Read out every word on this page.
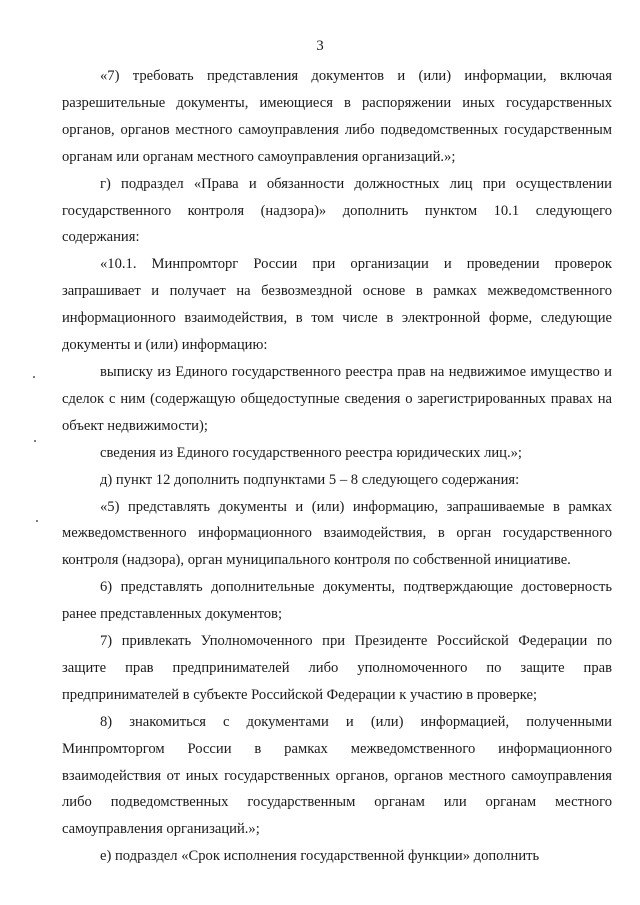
3

«7) требовать представления документов и (или) информации, включая разрешительные документы, имеющиеся в распоряжении иных государственных органов, органов местного самоуправления либо подведомственных государственным органам или органам местного самоуправления организаций.»;

г) подраздел «Права и обязанности должностных лиц при осуществлении государственного контроля (надзора)» дополнить пунктом 10.1 следующего содержания:

«10.1. Минпромторг России при организации и проведении проверок запрашивает и получает на безвозмездной основе в рамках межведомственного информационного взаимодействия, в том числе в электронной форме, следующие документы и (или) информацию:

выписку из Единого государственного реестра прав на недвижимое имущество и сделок с ним (содержащую общедоступные сведения о зарегистрированных правах на объект недвижимости);

сведения из Единого государственного реестра юридических лиц.»;

д) пункт 12 дополнить подпунктами 5 – 8 следующего содержания:

«5) представлять документы и (или) информацию, запрашиваемые в рамках межведомственного информационного взаимодействия, в орган государственного контроля (надзора), орган муниципального контроля по собственной инициативе.

6) представлять дополнительные документы, подтверждающие достоверность ранее представленных документов;

7) привлекать Уполномоченного при Президенте Российской Федерации по защите прав предпринимателей либо уполномоченного по защите прав предпринимателей в субъекте Российской Федерации к участию в проверке;

8) знакомиться с документами и (или) информацией, полученными Минпромторгом России в рамках межведомственного информационного взаимодействия от иных государственных органов, органов местного самоуправления либо подведомственных государственным органам или органам местного самоуправления организаций.»;

е) подраздел «Срок исполнения государственной функции» дополнить
